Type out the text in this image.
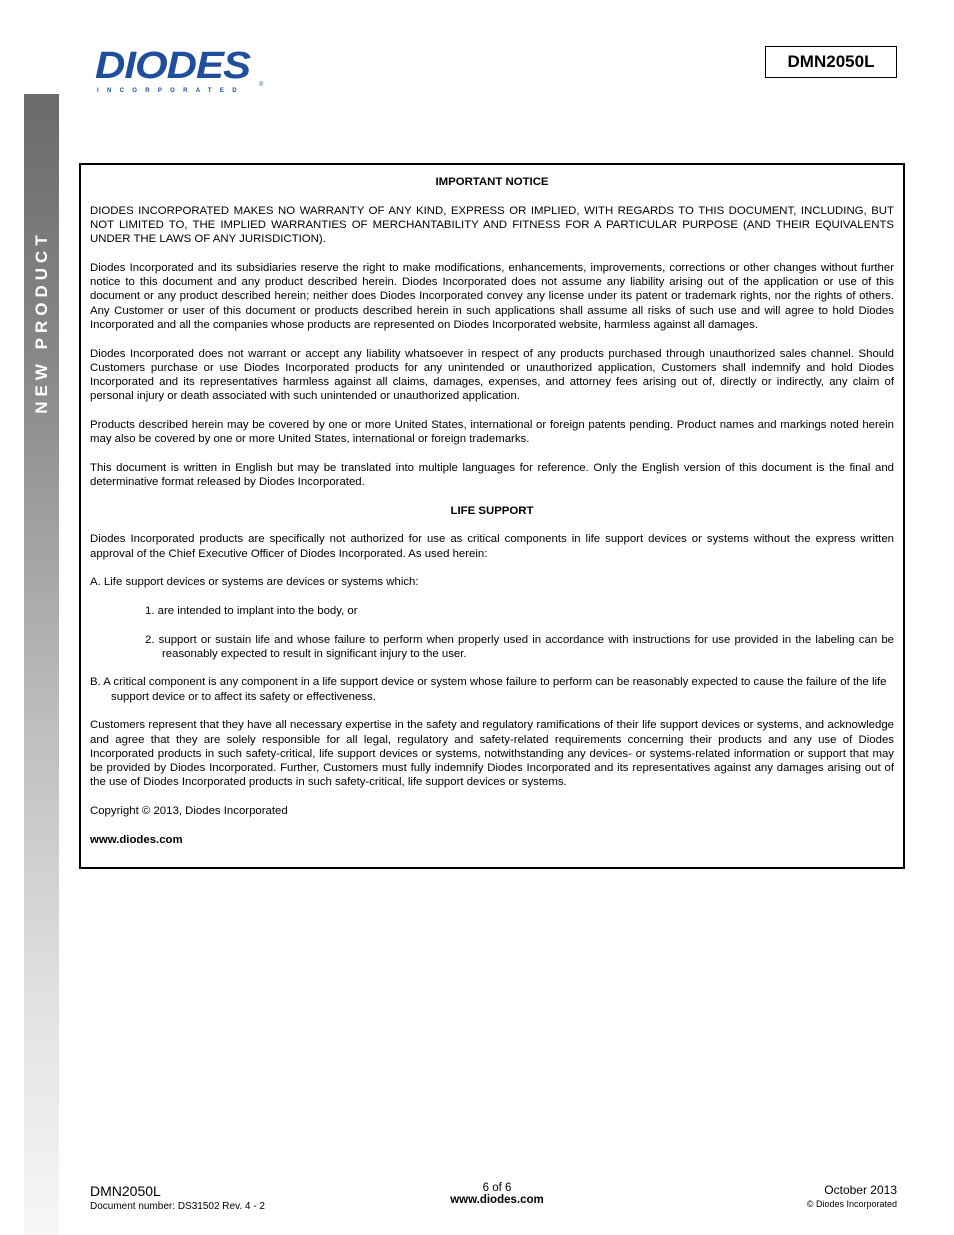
NEW PRODUCT
DIODES
INCORPORATED
®
DMN2050L

IMPORTANT NOTICE

DIODES INCORPORATED MAKES NO WARRANTY OF ANY KIND, EXPRESS OR IMPLIED, WITH REGARDS TO THIS DOCUMENT, INCLUDING, BUT NOT LIMITED TO, THE IMPLIED WARRANTIES OF MERCHANTABILITY AND FITNESS FOR A PARTICULAR PURPOSE (AND THEIR EQUIVALENTS UNDER THE LAWS OF ANY JURISDICTION).

Diodes Incorporated and its subsidiaries reserve the right to make modifications, enhancements, improvements, corrections or other changes without further notice to this document and any product described herein. Diodes Incorporated does not assume any liability arising out of the application or use of this document or any product described herein; neither does Diodes Incorporated convey any license under its patent or trademark rights, nor the rights of others. Any Customer or user of this document or products described herein in such applications shall assume all risks of such use and will agree to hold Diodes Incorporated and all the companies whose products are represented on Diodes Incorporated website, harmless against all damages.

Diodes Incorporated does not warrant or accept any liability whatsoever in respect of any products purchased through unauthorized sales channel. Should Customers purchase or use Diodes Incorporated products for any unintended or unauthorized application, Customers shall indemnify and hold Diodes Incorporated and its representatives harmless against all claims, damages, expenses, and attorney fees arising out of, directly or indirectly, any claim of personal injury or death associated with such unintended or unauthorized application.

Products described herein may be covered by one or more United States, international or foreign patents pending. Product names and markings noted herein may also be covered by one or more United States, international or foreign trademarks.

This document is written in English but may be translated into multiple languages for reference. Only the English version of this document is the final and determinative format released by Diodes Incorporated.

LIFE SUPPORT

Diodes Incorporated products are specifically not authorized for use as critical components in life support devices or systems without the express written approval of the Chief Executive Officer of Diodes Incorporated. As used herein:

A. Life support devices or systems are devices or systems which:

1. are intended to implant into the body, or

2. support or sustain life and whose failure to perform when properly used in accordance with instructions for use provided in the labeling can be reasonably expected to result in significant injury to the user.

B. A critical component is any component in a life support device or system whose failure to perform can be reasonably expected to cause the failure of the life support device or to affect its safety or effectiveness.

Customers represent that they have all necessary expertise in the safety and regulatory ramifications of their life support devices or systems, and acknowledge and agree that they are solely responsible for all legal, regulatory and safety-related requirements concerning their products and any use of Diodes Incorporated products in such safety-critical, life support devices or systems, notwithstanding any devices- or systems-related information or support that may be provided by Diodes Incorporated. Further, Customers must fully indemnify Diodes Incorporated and its representatives against any damages arising out of the use of Diodes Incorporated products in such safety-critical, life support devices or systems.

Copyright © 2013, Diodes Incorporated

www.diodes.com

DMN2050L
Document number: DS31502 Rev. 4 - 2
6 of 6
www.diodes.com
October 2013
© Diodes Incorporated
